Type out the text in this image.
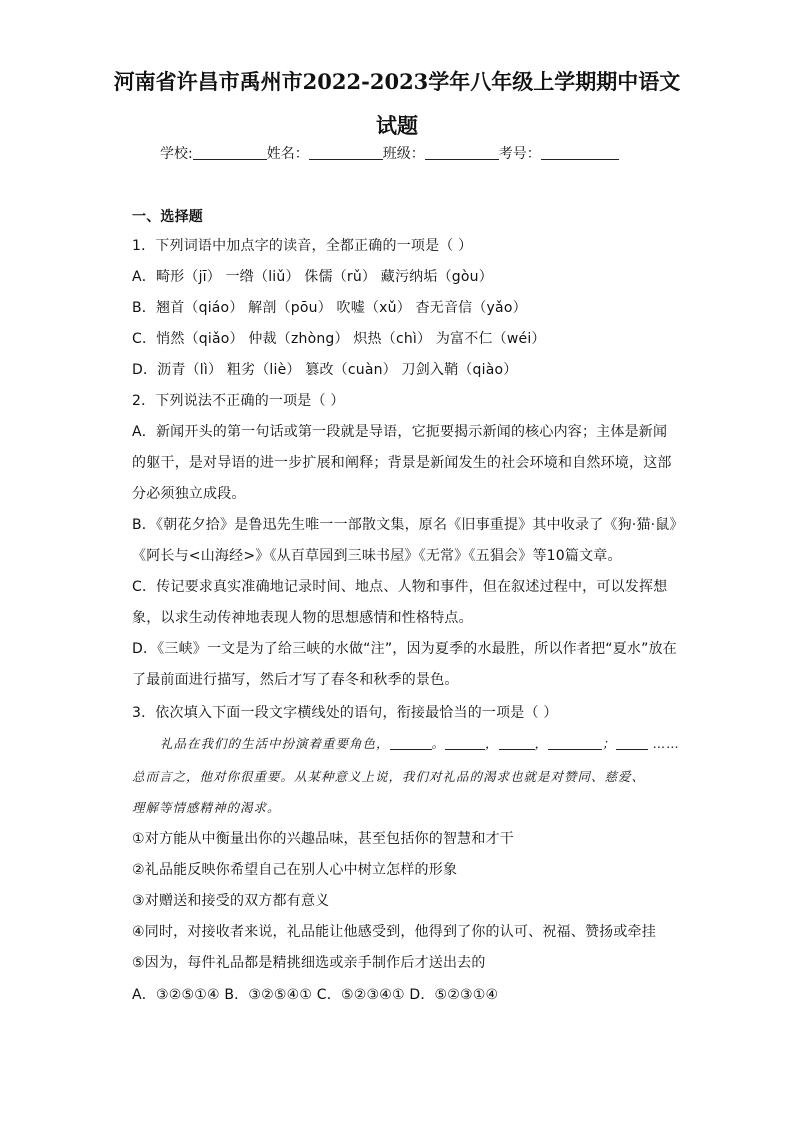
河南省许昌市禹州市2022-2023学年八年级上学期期中语文
试题
学校:	姓名：	班级：	考号：
一、选择题
1．下列词语中加点字的读音，全都正确的一项是（ ）
A．畸形（jī） 一绺（liǔ） 侏儒（rǔ） 藏污纳垢（gòu）
B．翘首（qiáo） 解剖（pōu） 吹嘘（xǔ） 杳无音信（yǎo）
C．悄然（qiǎo） 仲裁（zhòng） 炽热（chì） 为富不仁（wéi）
D．沥青（lì） 粗劣（liè） 篡改（cuàn） 刀剑入鞘（qiào）
2．下列说法不正确的一项是（ ）
A．新闻开头的第一句话或第一段就是导语，它扼要揭示新闻的核心内容；主体是新闻
的躯干，是对导语的进一步扩展和阐释；背景是新闻发生的社会环境和自然环境，这部
分必须独立成段。
B．《朝花夕拾》是鲁迅先生唯一一部散文集，原名《旧事重提》其中收录了《狗·猫·鼠》
《阿长与<山海经>》《从百草园到三味书屋》《无常》《五猖会》等10篇文章。
C．传记要求真实准确地记录时间、地点、人物和事件，但在叙述过程中，可以发挥想
象，以求生动传神地表现人物的思想感情和性格特点。
D．《三峡》一文是为了给三峡的水做“注”，因为夏季的水最胜，所以作者把“夏水”放在
了最前面进行描写，然后才写了春冬和秋季的景色。
3．依次填入下面一段文字横线处的语句，衔接最恰当的一项是（ ）
礼品在我们的生活中扮演着重要角色，	。	，	，	；	……
总而言之，他对你很重要。从某种意义上说，我们对礼品的渴求也就是对赞同、慈爱、
理解等情感精神的渴求。
①对方能从中衡量出你的兴趣品味，甚至包括你的智慧和才干
②礼品能反映你希望自己在别人心中树立怎样的形象
③对赠送和接受的双方都有意义
④同时，对接收者来说，礼品能让他感受到，他得到了你的认可、祝福、赞扬或牵挂
⑤因为，每件礼品都是精挑细选或亲手制作后才送出去的
A．③②⑤①④ B．③②⑤④① C．⑤②③④① D．⑤②③①④
